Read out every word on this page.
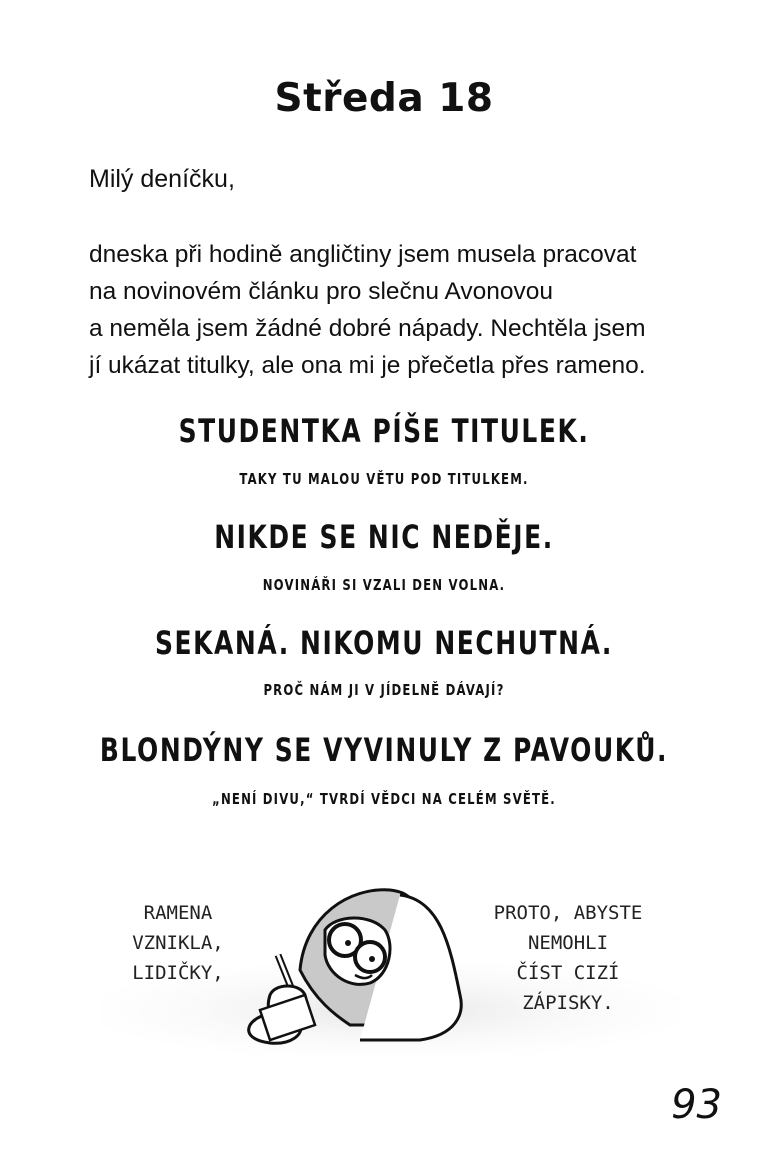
Středa 18
Milý deníčku,
dneska při hodině angličtiny jsem musela pracovat
na novinovém článku pro slečnu Avonovou
a neměla jsem žádné dobré nápady. Nechtěla jsem
jí ukázat titulky, ale ona mi je přečetla přes rameno.
STUDENTKA PÍŠE TITULEK.
TAKY TU MALOU VĚTU POD TITULKEM.
NIKDE SE NIC NEDĚJE.
NOVINÁŘI SI VZALI DEN VOLNA.
SEKANÁ. NIKOMU NECHUTNÁ.
PROČ NÁM JI V JÍDELNĚ DÁVAJÍ?
BLONDÝNY SE VYVINULY Z PAVOUKŮ.
„NENÍ DIVU,“ TVRDÍ VĚDCI NA CELÉM SVĚTĚ.
RAMENA
VZNIKLA,
LIDIČKY,
PROTO, ABYSTE
NEMOHLI
ČÍST CIZÍ
ZÁPISKY.
93
